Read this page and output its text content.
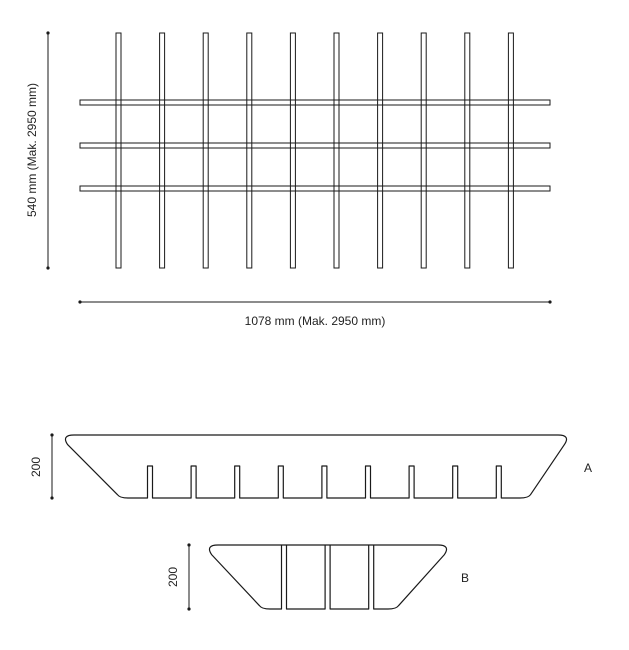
540 mm (Mak. 2950 mm)
1078 mm (Mak. 2950 mm)
200	A
200	B
